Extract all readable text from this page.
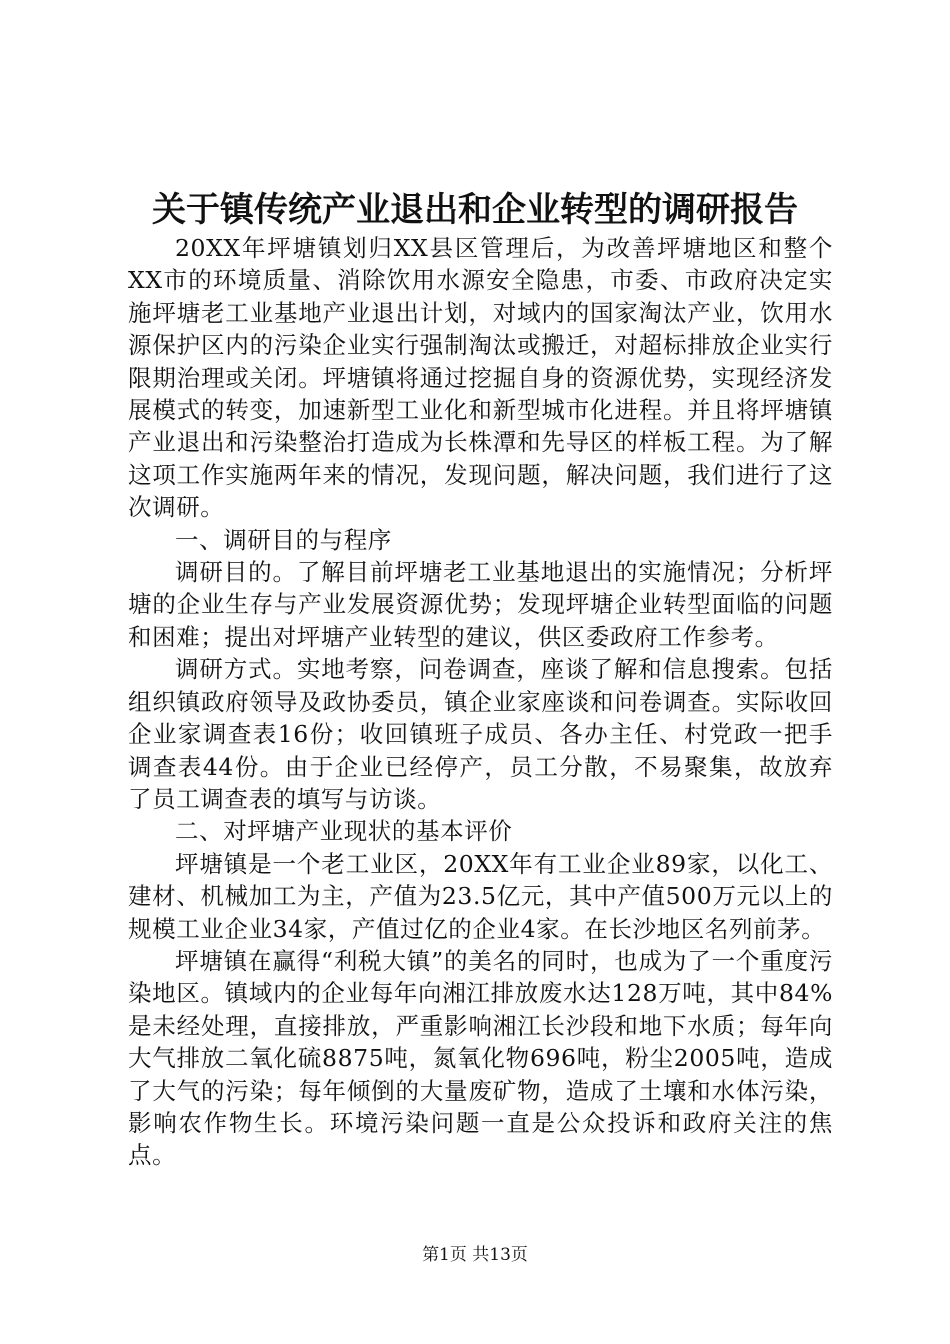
关于镇传统产业退出和企业转型的调研报告

20XX年坪塘镇划归XX县区管理后，为改善坪塘地区和整个XX市的环境质量、消除饮用水源安全隐患，市委、市政府决定实施坪塘老工业基地产业退出计划，对域内的国家淘汰产业，饮用水源保护区内的污染企业实行强制淘汰或搬迁，对超标排放企业实行限期治理或关闭。坪塘镇将通过挖掘自身的资源优势，实现经济发展模式的转变，加速新型工业化和新型城市化进程。并且将坪塘镇产业退出和污染整治打造成为长株潭和先导区的样板工程。为了解这项工作实施两年来的情况，发现问题，解决问题，我们进行了这次调研。

一、调研目的与程序

调研目的。了解目前坪塘老工业基地退出的实施情况；分析坪塘的企业生存与产业发展资源优势；发现坪塘企业转型面临的问题和困难；提出对坪塘产业转型的建议，供区委政府工作参考。

调研方式。实地考察，问卷调查，座谈了解和信息搜索。包括组织镇政府领导及政协委员，镇企业家座谈和问卷调查。实际收回企业家调查表16份；收回镇班子成员、各办主任、村党政一把手调查表44份。由于企业已经停产，员工分散，不易聚集，故放弃了员工调查表的填写与访谈。

二、对坪塘产业现状的基本评价

坪塘镇是一个老工业区，20XX年有工业企业89家，以化工、建材、机械加工为主，产值为23.5亿元，其中产值500万元以上的规模工业企业34家，产值过亿的企业4家。在长沙地区名列前茅。

坪塘镇在赢得“利税大镇”的美名的同时，也成为了一个重度污染地区。镇域内的企业每年向湘江排放废水达128万吨，其中84%是未经处理，直接排放，严重影响湘江长沙段和地下水质；每年向大气排放二氧化硫8875吨，氮氧化物696吨，粉尘2005吨，造成了大气的污染；每年倾倒的大量废矿物，造成了土壤和水体污染，影响农作物生长。环境污染问题一直是公众投诉和政府关注的焦点。

第1页 共13页
